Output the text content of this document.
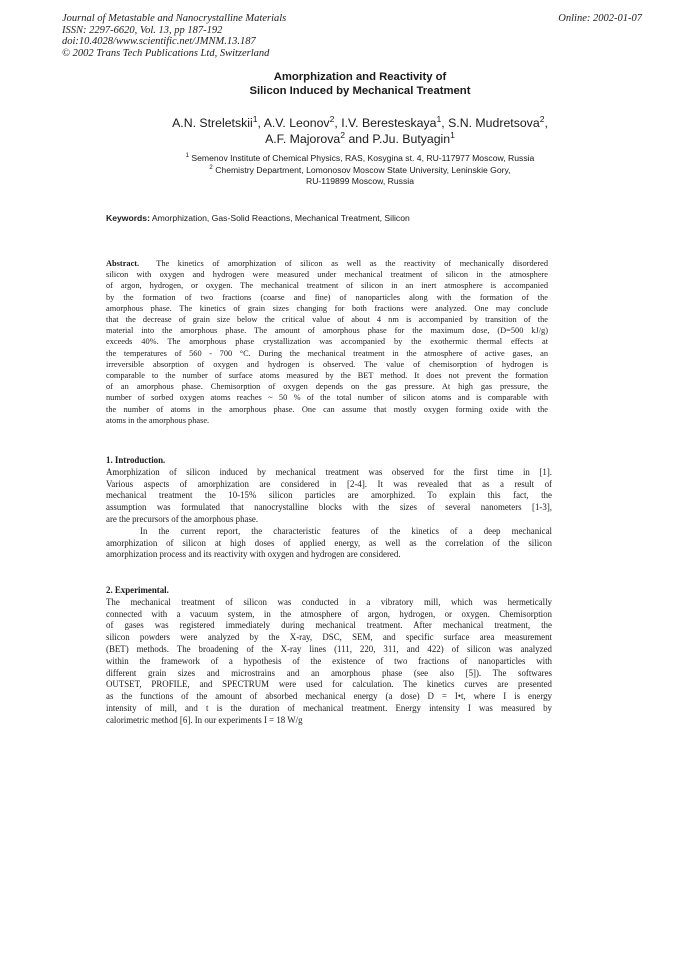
Journal of Metastable and Nanocrystalline Materials
ISSN: 2297-6620, Vol. 13, pp 187-192
doi:10.4028/www.scientific.net/JMNM.13.187
© 2002 Trans Tech Publications Ltd, Switzerland
Online: 2002-01-07
Amorphization and Reactivity of
Silicon Induced by Mechanical Treatment
A.N. Streletskii$^1$, A.V. Leonov$^2$, I.V. Beresteskaya$^1$, S.N. Mudretsova$^2$,
A.F. Majorova$^2$ and P.Ju. Butyagin$^1$
$^1$ Semenov Institute of Chemical Physics, RAS, Kosygina st. 4, RU-117977 Moscow, Russia
$^2$ Chemistry Department, Lomonosov Moscow State University, Leninskie Gory,
RU-119899 Moscow, Russia
Keywords: Amorphization, Gas-Solid Reactions, Mechanical Treatment, Silicon
Abstract. The kinetics of amorphization of silicon as well as the reactivity of mechanically disordered
silicon with oxygen and hydrogen were measured under mechanical treatment of silicon in the atmosphere
of argon, hydrogen, or oxygen. The mechanical treatment of silicon in an inert atmosphere is accompanied
by the formation of two fractions (coarse and fine) of nanoparticles along with the formation of the
amorphous phase. The kinetics of grain sizes changing for both fractions were analyzed. One may conclude
that the decrease of grain size below the critical value of about 4 nm is accompanied by transition of the
material into the amorphous phase. The amount of amorphous phase for the maximum dose, (D=500 kJ/g)
exceeds 40%. The amorphous phase crystallization was accompanied by the exothermic thermal effects at
the temperatures of 560 - 700 °C. During the mechanical treatment in the atmosphere of active gases, an
irreversible absorption of oxygen and hydrogen is observed. The value of chemisorption of hydrogen is
comparable to the number of surface atoms measured by the BET method. It does not prevent the formation
of an amorphous phase. Chemisorption of oxygen depends on the gas pressure. At high gas pressure, the
number of sorbed oxygen atoms reaches ~ 50 % of the total number of silicon atoms and is comparable with
the number of atoms in the amorphous phase. One can assume that mostly oxygen forming oxide with the
atoms in the amorphous phase.
1. Introduction.
Amorphization of silicon induced by mechanical treatment was observed for the first time in [1].
Various aspects of amorphization are considered in [2-4]. It was revealed that as a result of
mechanical treatment the 10-15% silicon particles are amorphized. To explain this fact, the
assumption was formulated that nanocrystalline blocks with the sizes of several nanometers [1-3],
are the precursors of the amorphous phase.
In the current report, the characteristic features of the kinetics of a deep mechanical
amorphization of silicon at high doses of applied energy, as well as the correlation of the silicon
amorphization process and its reactivity with oxygen and hydrogen are considered.
2. Experimental.
The mechanical treatment of silicon was conducted in a vibratory mill, which was hermetically
connected with a vacuum system, in the atmosphere of argon, hydrogen, or oxygen. Chemisorption
of gases was registered immediately during mechanical treatment. After mechanical treatment, the
silicon powders were analyzed by the X-ray, DSC, SEM, and specific surface area measurement
(BET) methods. The broadening of the X-ray lines (111, 220, 311, and 422) of silicon was analyzed
within the framework of a hypothesis of the existence of two fractions of nanoparticles with
different grain sizes and microstrains and an amorphous phase (see also [5]). The softwares
OUTSET, PROFILE, and SPECTRUM were used for calculation. The kinetics curves are presented
as the functions of the amount of absorbed mechanical energy (a dose) D = I•t, where I is energy
intensity of mill, and t is the duration of mechanical treatment. Energy intensity I was measured by
calorimetric method [6]. In our experiments I = 18 W/g
